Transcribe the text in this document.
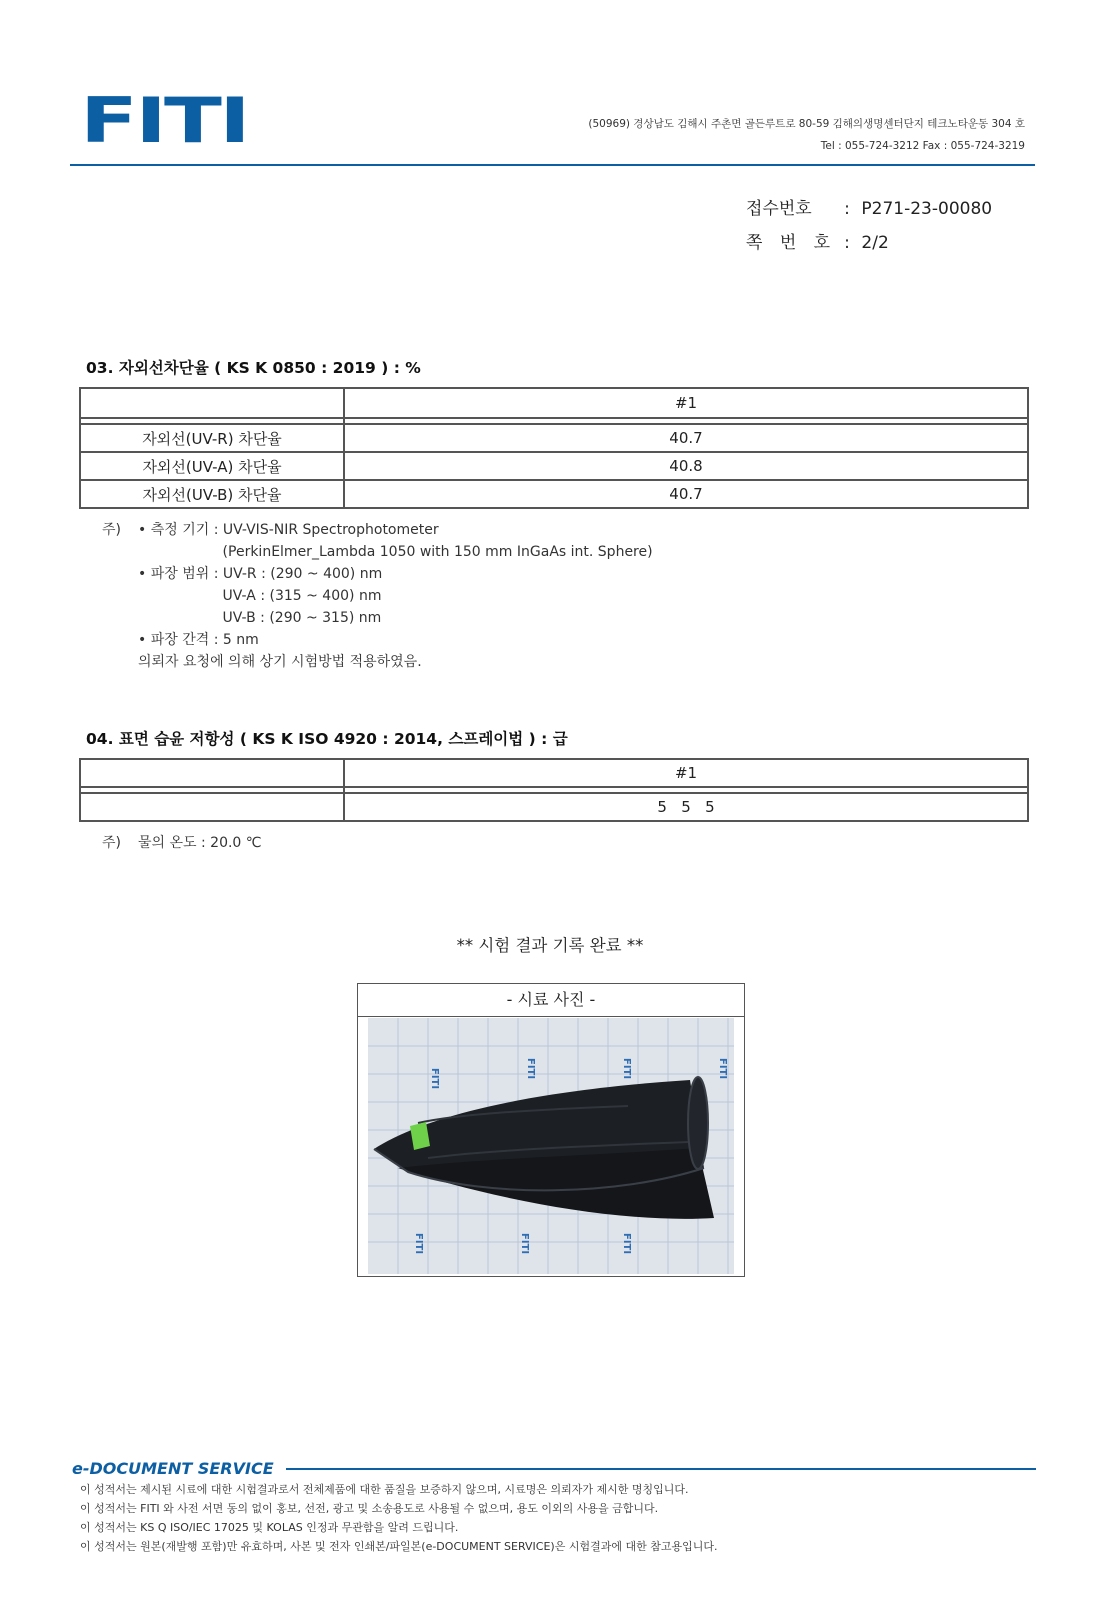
FITI	(50969) 경상남도 김해시 주촌면 골든루트로 80-59 김해의생명센터단지 테크노타운동 304 호
Tel : 055-724-3212 Fax : 055-724-3219
접수번호 : P271-23-00080
쪽 번 호 : 2/2
03. 자외선차단율 ( KS K 0850 : 2019 ) : %
	#1

자외선(UV-R) 차단율	40.7
자외선(UV-A) 차단율	40.8
자외선(UV-B) 차단율	40.7
주) • 측정 기기 : UV-VIS-NIR Spectrophotometer
(PerkinElmer_Lambda 1050 with 150 mm InGaAs int. Sphere)
• 파장 범위 : UV-R : (290 ~ 400) nm
UV-A : (315 ~ 400) nm
UV-B : (290 ~ 315) nm
• 파장 간격 : 5 nm
의뢰자 요청에 의해 상기 시험방법 적용하였음.
04. 표면 습윤 저항성 ( KS K ISO 4920 : 2014, 스프레이법 ) : 급
	#1

	5   5   5
주) 물의 온도 : 20.0 ℃
** 시험 결과 기록 완료 **
- 시료 사진 -
FITI	FITI	FITI	FITI
FITI	FITI	FITI
e-DOCUMENT SERVICE
이 성적서는 제시된 시료에 대한 시험결과로서 전체제품에 대한 품질을 보증하지 않으며, 시료명은 의뢰자가 제시한 명칭입니다.
이 성적서는 FITI 와 사전 서면 동의 없이 홍보, 선전, 광고 및 소송용도로 사용될 수 없으며, 용도 이외의 사용을 금합니다.
이 성적서는 KS Q ISO/IEC 17025 및 KOLAS 인정과 무관함을 알려 드립니다.
이 성적서는 원본(재발행 포함)만 유효하며, 사본 및 전자 인쇄본/파일본(e-DOCUMENT SERVICE)은 시험결과에 대한 참고용입니다.
